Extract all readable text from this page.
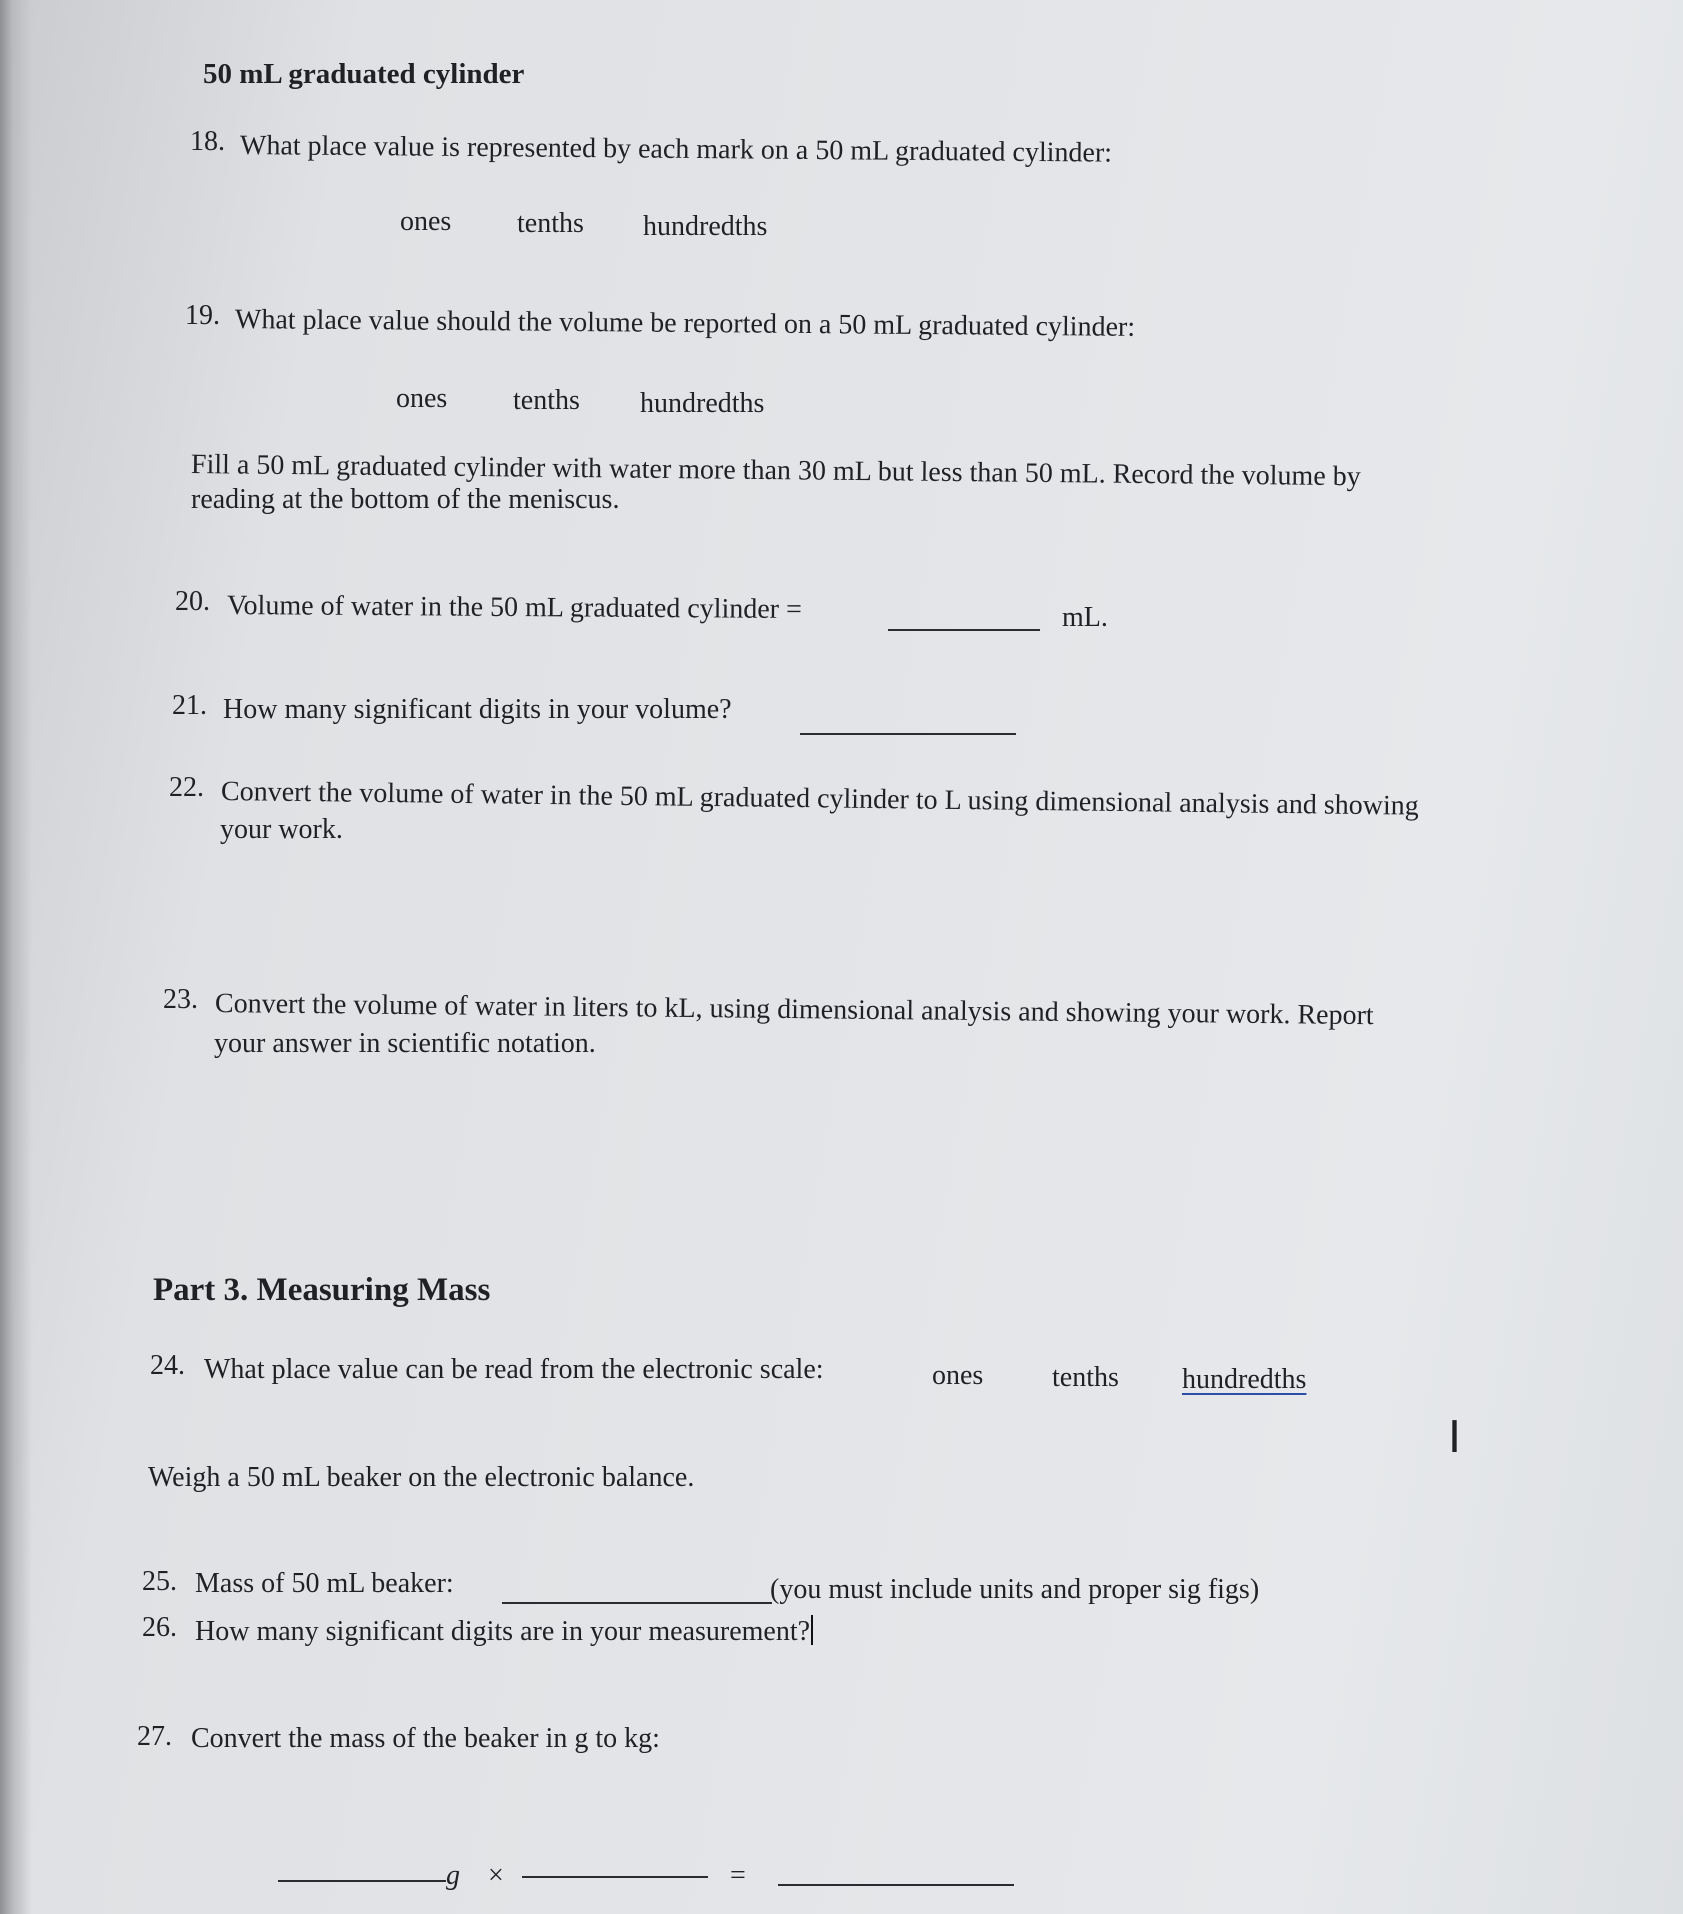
50 mL graduated cylinder
18. What place value is represented by each mark on a 50 mL graduated cylinder:
ones tenths hundredths
19. What place value should the volume be reported on a 50 mL graduated cylinder:
ones tenths hundredths
Fill a 50 mL graduated cylinder with water more than 30 mL but less than 50 mL. Record the volume by
reading at the bottom of the meniscus.
20. Volume of water in the 50 mL graduated cylinder =	mL.
21. How many significant digits in your volume?
22. Convert the volume of water in the 50 mL graduated cylinder to L using dimensional analysis and showing
your work.
23. Convert the volume of water in liters to kL, using dimensional analysis and showing your work. Report
your answer in scientific notation.
Part 3. Measuring Mass
24. What place value can be read from the electronic scale:	ones tenths hundredths
I
Weigh a 50 mL beaker on the electronic balance.
25. Mass of 50 mL beaker:	(you must include units and proper sig figs)
26. How many significant digits are in your measurement?
27. Convert the mass of the beaker in g to kg:
g ×	=
